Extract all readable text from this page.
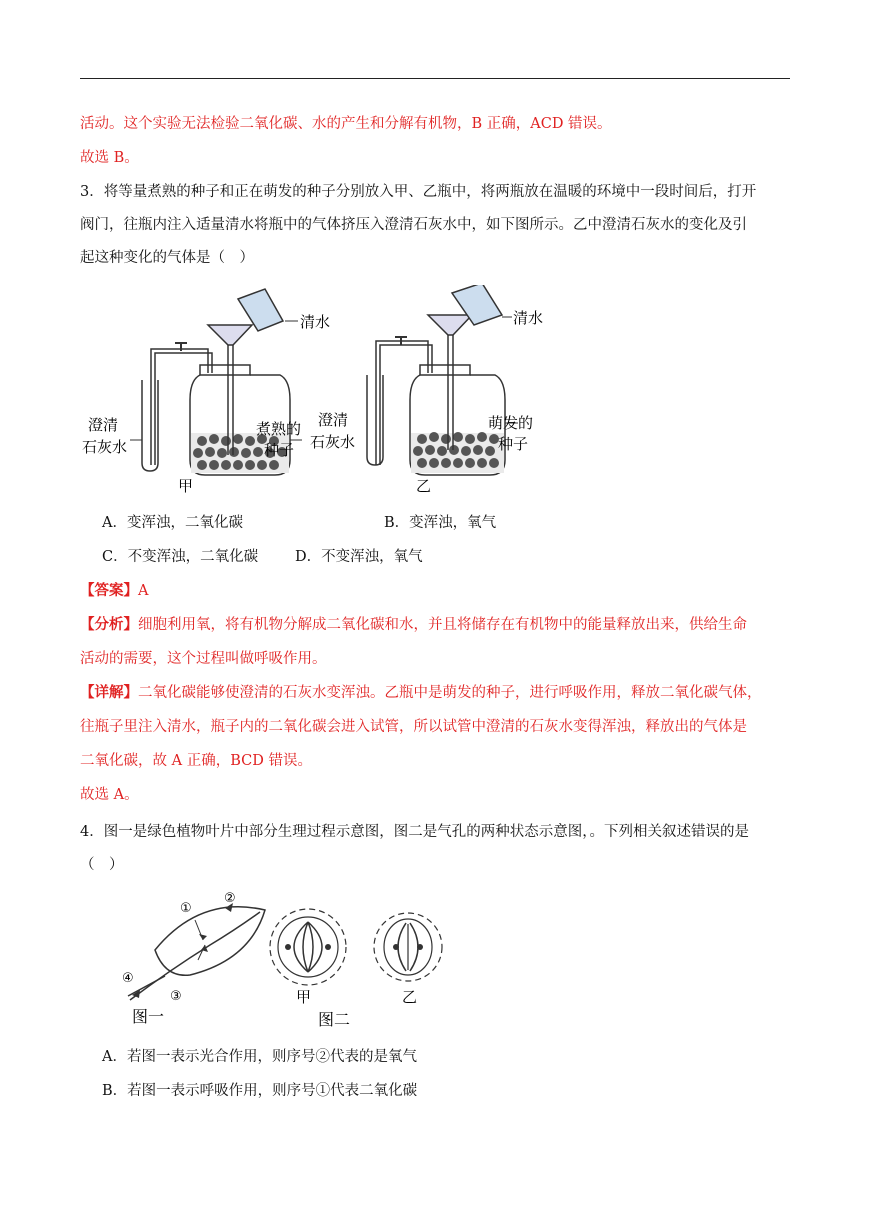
活动。这个实验无法检验二氧化碳、水的产生和分解有机物，B 正确，ACD 错误。
故选 B。
3．将等量煮熟的种子和正在萌发的种子分别放入甲、乙瓶中，将两瓶放在温暖的环境中一段时间后，打开
阀门，往瓶内注入适量清水将瓶中的气体挤压入澄清石灰水中，如下图所示。乙中澄清石灰水的变化及引
起这种变化的气体是（　）
清水
澄清
石灰水
煮熟的
种子
甲
清水
澄清
石灰水
萌发的
种子
乙
A．变浑浊，二氧化碳	B．变浑浊，氧气
C．不变浑浊，二氧化碳	D．不变浑浊，氧气
【答案】A
【分析】细胞利用氧，将有机物分解成二氧化碳和水，并且将储存在有机物中的能量释放出来，供给生命
活动的需要，这个过程叫做呼吸作用。
【详解】二氧化碳能够使澄清的石灰水变浑浊。乙瓶中是萌发的种子，进行呼吸作用，释放二氧化碳气体，
往瓶子里注入清水，瓶子内的二氧化碳会进入试管，所以试管中澄清的石灰水变得浑浊，释放出的气体是
二氧化碳，故 A 正确，BCD 错误。
故选 A。
4．图一是绿色植物叶片中部分生理过程示意图，图二是气孔的两种状态示意图，。下列相关叙述错误的是
（　）
①
②
③
④
图一
甲
图二
乙
A．若图一表示光合作用，则序号②代表的是氧气
B．若图一表示呼吸作用，则序号①代表二氧化碳
